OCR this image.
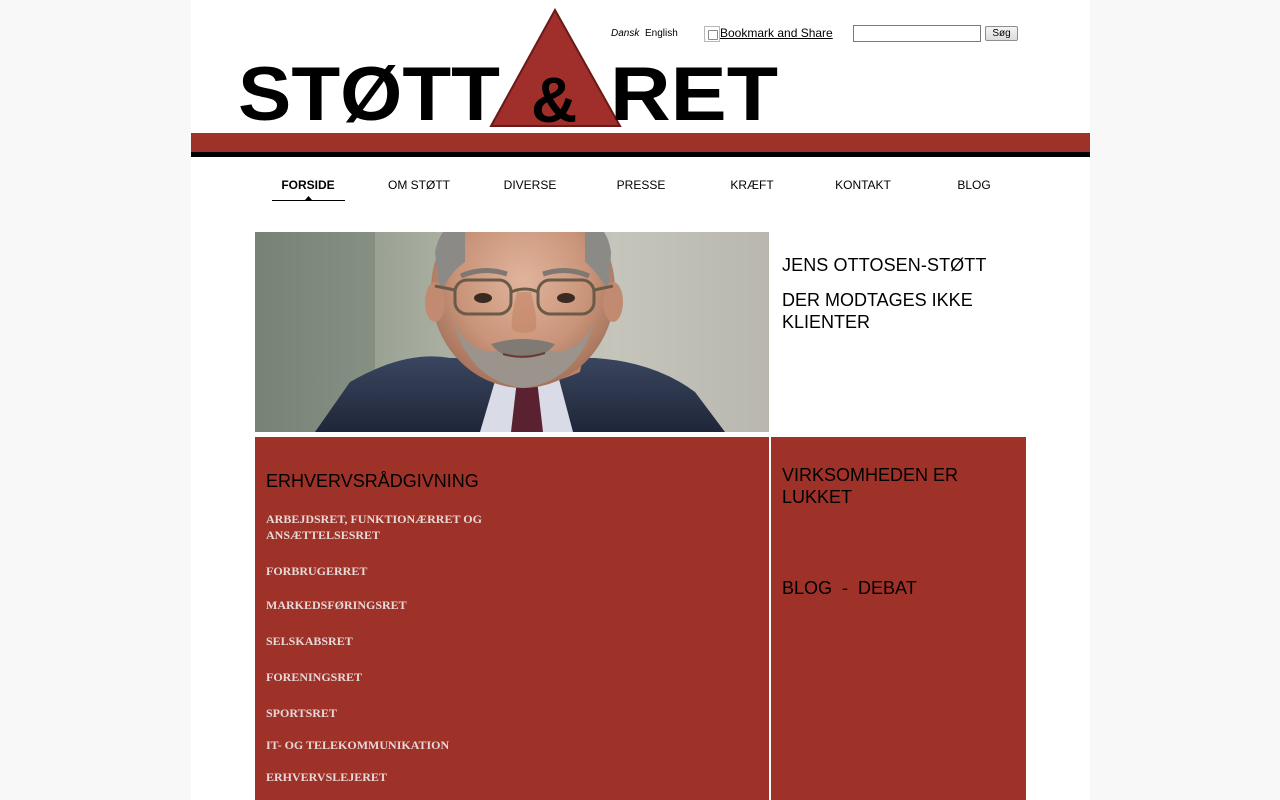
STØTT & RET
Dansk English	Bookmark and Share	Søg
FORSIDE	OM STØTT	DIVERSE	PRESSE	KRÆFT	KONTAKT	BLOG
JENS OTTOSEN-STØTT
DER MODTAGES IKKE KLIENTER
ERHVERVSRÅDGIVNING
ARBEJDSRET, FUNKTIONÆRRET OG ANSÆTTELSESRET
FORBRUGERRET
MARKEDSFØRINGSRET
SELSKABSRET
FORENINGSRET
SPORTSRET
IT- OG TELEKOMMUNIKATION
ERHVERVSLEJERET
VIRKSOMHEDEN ER LUKKET
BLOG  -  DEBAT
